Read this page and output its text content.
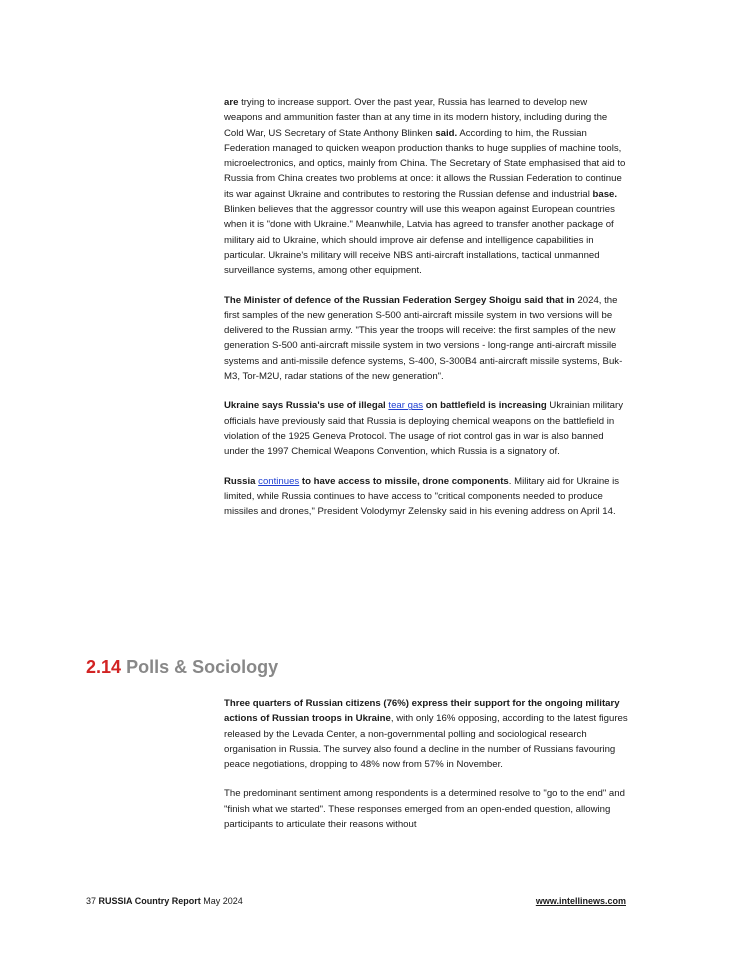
are trying to increase support. Over the past year, Russia has learned to develop new weapons and ammunition faster than at any time in its modern history, including during the Cold War, US Secretary of State Anthony Blinken said. According to him, the Russian Federation managed to quicken weapon production thanks to huge supplies of machine tools, microelectronics, and optics, mainly from China. The Secretary of State emphasised that aid to Russia from China creates two problems at once: it allows the Russian Federation to continue its war against Ukraine and contributes to restoring the Russian defense and industrial base. Blinken believes that the aggressor country will use this weapon against European countries when it is "done with Ukraine." Meanwhile, Latvia has agreed to transfer another package of military aid to Ukraine, which should improve air defense and intelligence capabilities in particular. Ukraine's military will receive NBS anti-aircraft installations, tactical unmanned surveillance systems, among other equipment.

The Minister of defence of the Russian Federation Sergey Shoigu said that in 2024, the first samples of the new generation S-500 anti-aircraft missile system in two versions will be delivered to the Russian army. "This year the troops will receive: the first samples of the new generation S-500 anti-aircraft missile system in two versions - long-range anti-aircraft missile systems and anti-missile defence systems, S-400, S-300B4 anti-aircraft missile systems, Buk-M3, Tor-M2U, radar stations of the new generation".

Ukraine says Russia's use of illegal tear gas on battlefield is increasing Ukrainian military officials have previously said that Russia is deploying chemical weapons on the battlefield in violation of the 1925 Geneva Protocol. The usage of riot control gas in war is also banned under the 1997 Chemical Weapons Convention, which Russia is a signatory of.

Russia continues to have access to missile, drone components. Military aid for Ukraine is limited, while Russia continues to have access to "critical components needed to produce missiles and drones," President Volodymyr Zelensky said in his evening address on April 14.

2.14 Polls & Sociology

Three quarters of Russian citizens (76%) express their support for the ongoing military actions of Russian troops in Ukraine, with only 16% opposing, according to the latest figures released by the Levada Center, a non-governmental polling and sociological research organisation in Russia. The survey also found a decline in the number of Russians favouring peace negotiations, dropping to 48% now from 57% in November.

The predominant sentiment among respondents is a determined resolve to "go to the end" and "finish what we started". These responses emerged from an open-ended question, allowing participants to articulate their reasons without

37 RUSSIA Country Report May 2024	www.intellinews.com
